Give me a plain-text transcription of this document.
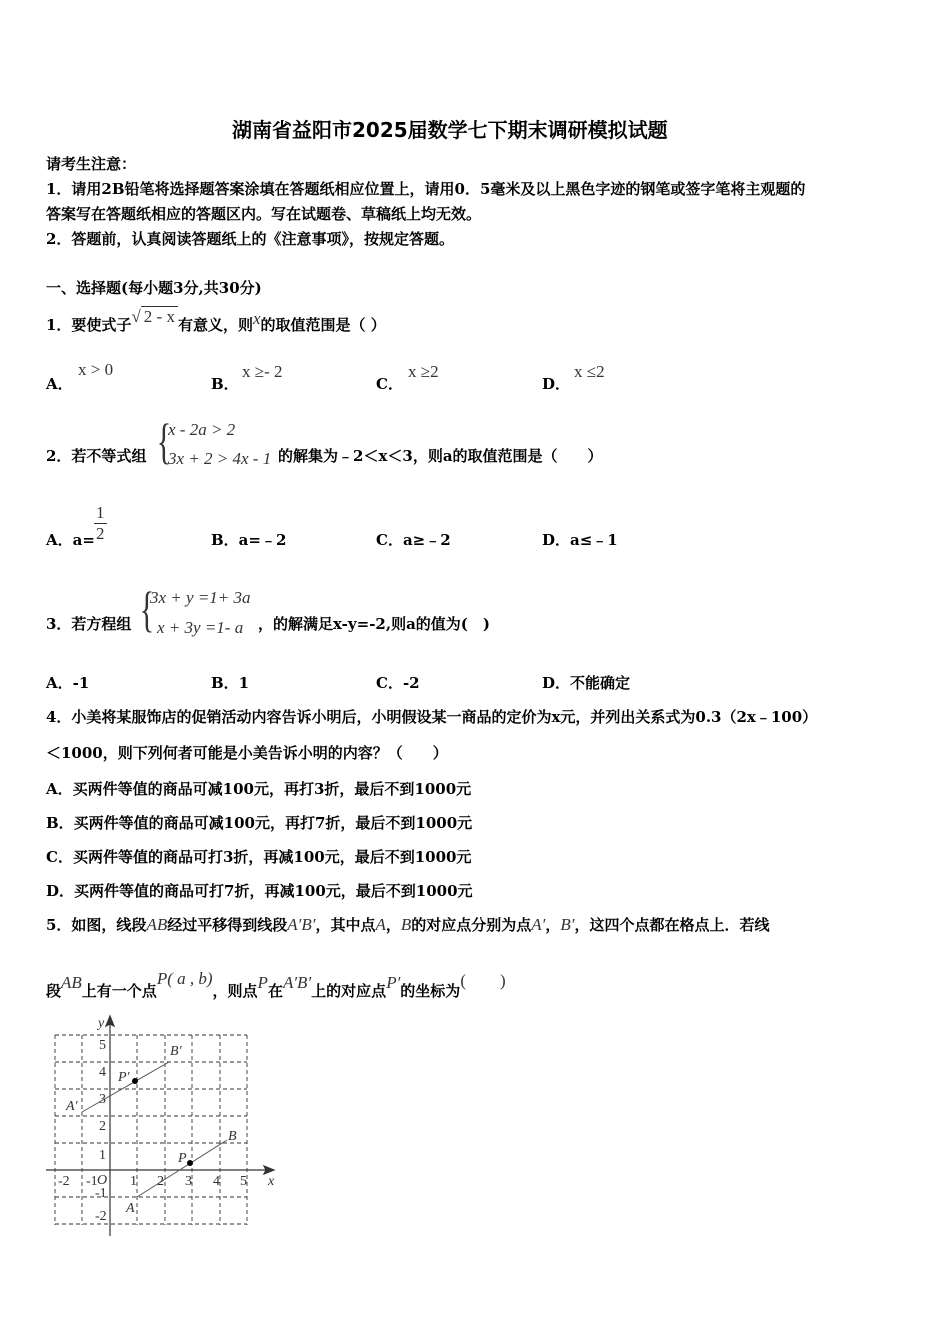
湖南省益阳市2025届数学七下期末调研模拟试题
请考生注意：
1．请用2B铅笔将选择题答案涂填在答题纸相应位置上，请用0．5毫米及以上黑色字迹的钢笔或签字笔将主观题的
答案写在答题纸相应的答题区内。写在试题卷、草稿纸上均无效。
2．答题前，认真阅读答题纸上的《注意事项》，按规定答题。
一、选择题(每小题3分,共30分)
1．要使式子√ 2 - x 有意义，则x的取值范围是（ ）
A．
x > 0
B．
x ≥- 2
C．
x ≥2
D．
x ≤2
2．若不等式组 {
x - 2a > 2
3x + 2 > 4x - 1 的解集为﹣2＜x＜3，则a的取值范围是（　　）
A．$a= \frac{1}{2}$	B．a=﹣2	C．a≥﹣2	D．a≤﹣1
3．若方程组 {
3x + y =1+ 3a
x + 3y =1- a ，的解满足x-y=-2,则a的值为(　)
A．-1	B．1	C．-2	D．不能确定
4．小美将某服饰店的促销活动内容告诉小明后，小明假设某一商品的定价为x元，并列出关系式为0.3（2x﹣100）
＜1000，则下列何者可能是小美告诉小明的内容？（　　）
A．买两件等值的商品可减100元，再打3折，最后不到1000元
B．买两件等值的商品可减100元，再打7折，最后不到1000元
C．买两件等值的商品可打3折，再减100元，最后不到1000元
D．买两件等值的商品可打7折，再减100元，最后不到1000元
5．如图，线段AB经过平移得到线段A′B′，其中点A，B的对应点分别为点A′，B′，这四个点都在格点上．若线
段AB上有一个点P( a , b)，则点P在A′B′上的对应点P′的坐标为(　　)
y
x
O
B′
P′
A′
B
P
A
-2 -1 1 2 3 4 5
5
4
3
2
1
-1
-2
